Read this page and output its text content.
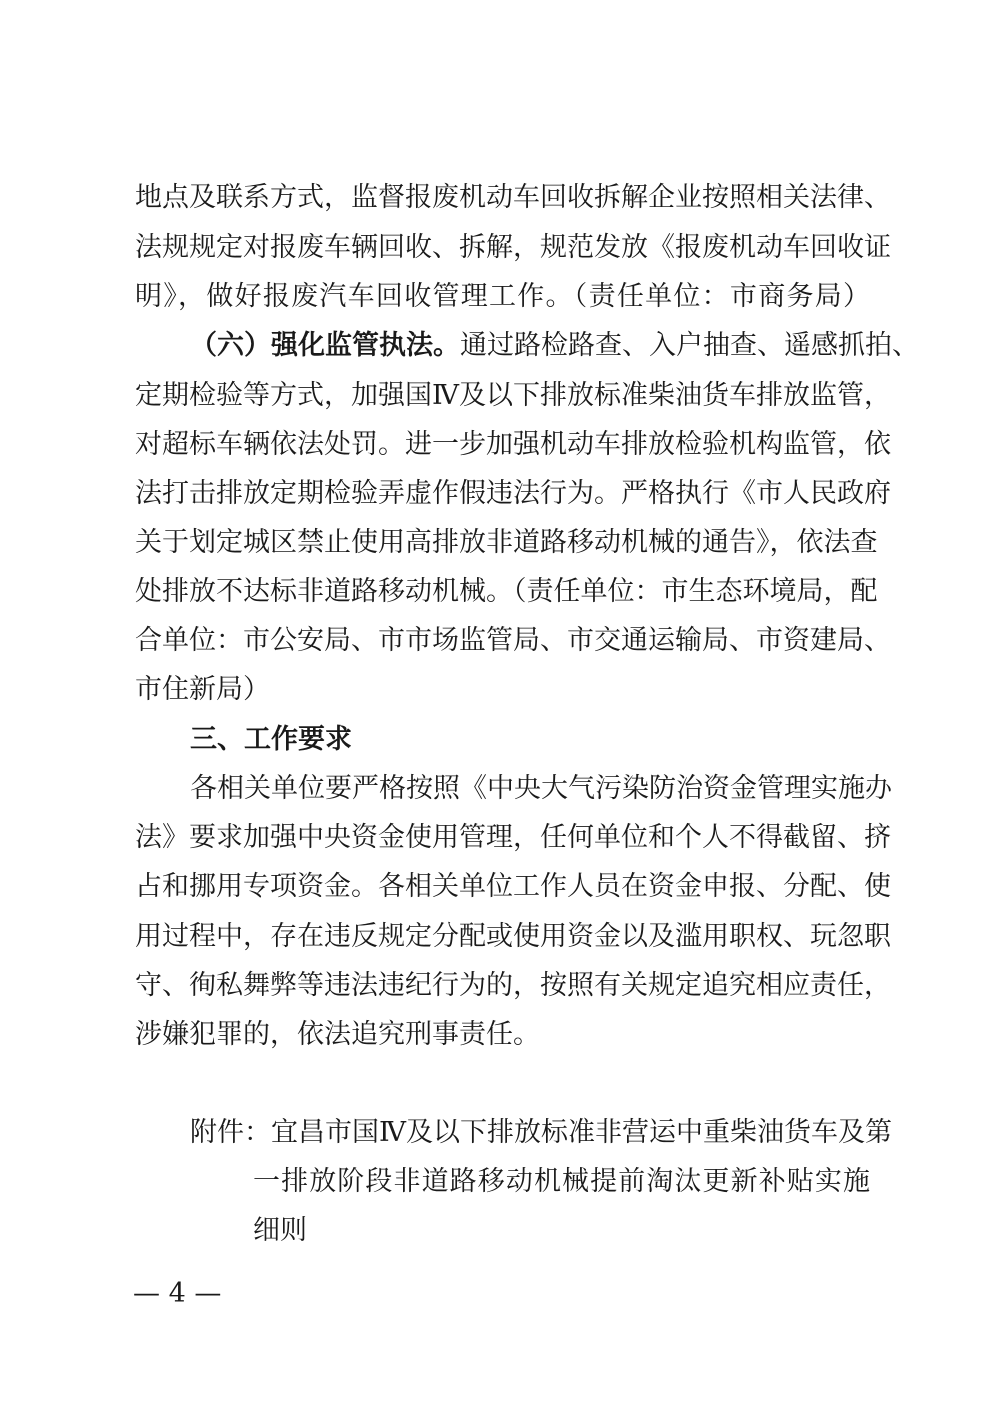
地点及联系方式，监督报废机动车回收拆解企业按照相关法律、
法规规定对报废车辆回收、拆解，规范发放《报废机动车回收证
明》，做好报废汽车回收管理工作。（责任单位：市商务局）
（六）强化监管执法。通过路检路查、入户抽查、遥感抓拍、
定期检验等方式，加强国Ⅳ及以下排放标准柴油货车排放监管，
对超标车辆依法处罚。进一步加强机动车排放检验机构监管，依
法打击排放定期检验弄虚作假违法行为。严格执行《市人民政府
关于划定城区禁止使用高排放非道路移动机械的通告》，依法查
处排放不达标非道路移动机械。（责任单位：市生态环境局，配
合单位：市公安局、市市场监管局、市交通运输局、市资建局、
市住新局）
三、工作要求
各相关单位要严格按照《中央大气污染防治资金管理实施办
法》要求加强中央资金使用管理，任何单位和个人不得截留、挤
占和挪用专项资金。各相关单位工作人员在资金申报、分配、使
用过程中，存在违反规定分配或使用资金以及滥用职权、玩忽职
守、徇私舞弊等违法违纪行为的，按照有关规定追究相应责任，
涉嫌犯罪的，依法追究刑事责任。
附件：宜昌市国Ⅳ及以下排放标准非营运中重柴油货车及第
一排放阶段非道路移动机械提前淘汰更新补贴实施
细则
— 4 —
